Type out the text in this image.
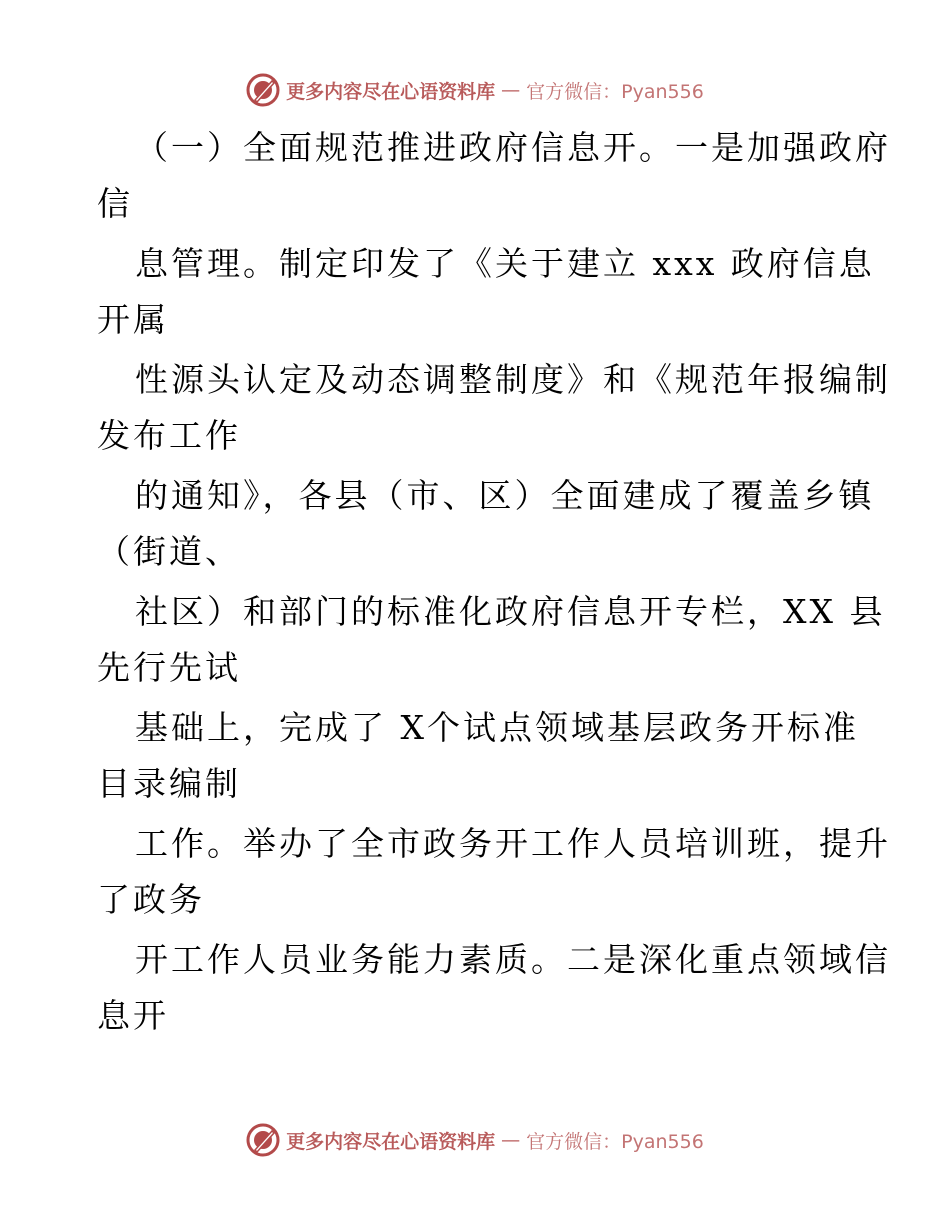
更多内容尽在心语资料库 — 官方微信：Pyan556
（一）全面规范推进政府信息开。一是加强政府
信
息管理。制定印发了《关于建立 xxx 政府信息
开属
性源头认定及动态调整制度》和《规范年报编制
发布工作
的通知》，各县（市、区）全面建成了覆盖乡镇
（街道、
社区）和部门的标准化政府信息开专栏，XX 县
先行先试
基础上，完成了 X个试点领域基层政务开标准
目录编制
工作。举办了全市政务开工作人员培训班，提升
了政务
开工作人员业务能力素质。二是深化重点领域信
息开
更多内容尽在心语资料库 — 官方微信：Pyan556
